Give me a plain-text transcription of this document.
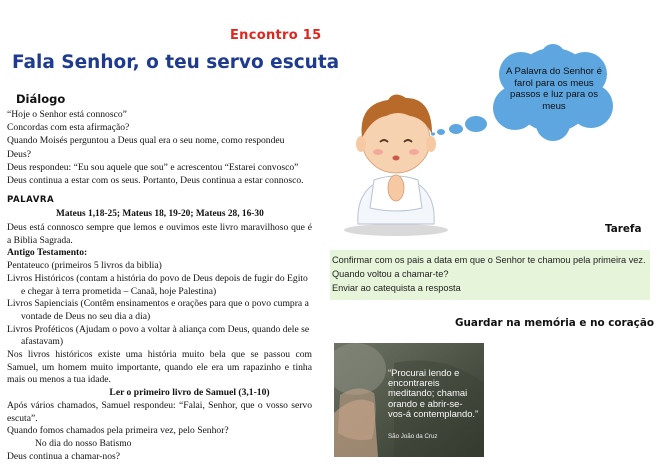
Encontro 15
Fala Senhor, o teu servo escuta
Diálogo
“Hoje o Senhor está connosco”
Concordas com esta afirmação?
Quando Moisés perguntou a Deus qual era o seu nome, como respondeu
Deus?
Deus respondeu: “Eu sou aquele que sou” e acrescentou “Estarei convosco”
Deus continua a estar com os seus. Portanto, Deus continua a estar connosco.
PALAVRA
Mateus 1,18-25; Mateus 18, 19-20; Mateus 28, 16-30
Deus está connosco sempre que lemos e ouvimos este livro maravilhoso que é a Biblia Sagrada.
Antigo Testamento:
Pentateuco (primeiros 5 livros da biblia)
Livros Históricos (contam a história do povo de Deus depois de fugir do Egito e chegar à terra prometida – Canaã, hoje Palestina)
Livros Sapienciais (Contêm ensinamentos e orações para que o povo cumpra a vontade de Deus no seu dia a dia)
Livros Proféticos (Ajudam o povo a voltar à aliança com Deus, quando dele se afastavam)
Nos livros históricos existe uma história muito bela que se passou com Samuel, um homem muito importante, quando ele era um rapazinho e tinha mais ou menos a tua idade.
Ler o primeiro livro de Samuel (3,1-10)
Após vários chamados, Samuel respondeu: “Falai, Senhor, que o vosso servo escuta”.
Quando fomos chamados pela primeira vez, pelo Senhor?
No dia do nosso Batismo
Deus continua a chamar-nos?
A Palavra do Senhor é farol para os meus passos e luz para os meus
Tarefa
Confirmar com os pais a data em que o Senhor te chamou pela primeira vez.
Quando voltou a chamar-te?
Enviar ao catequista a resposta
Guardar na memória e no coração
“Procurai lendo e encontrareis meditando; chamai orando e abrir-se-vos-á contemplando.”
São João da Cruz
